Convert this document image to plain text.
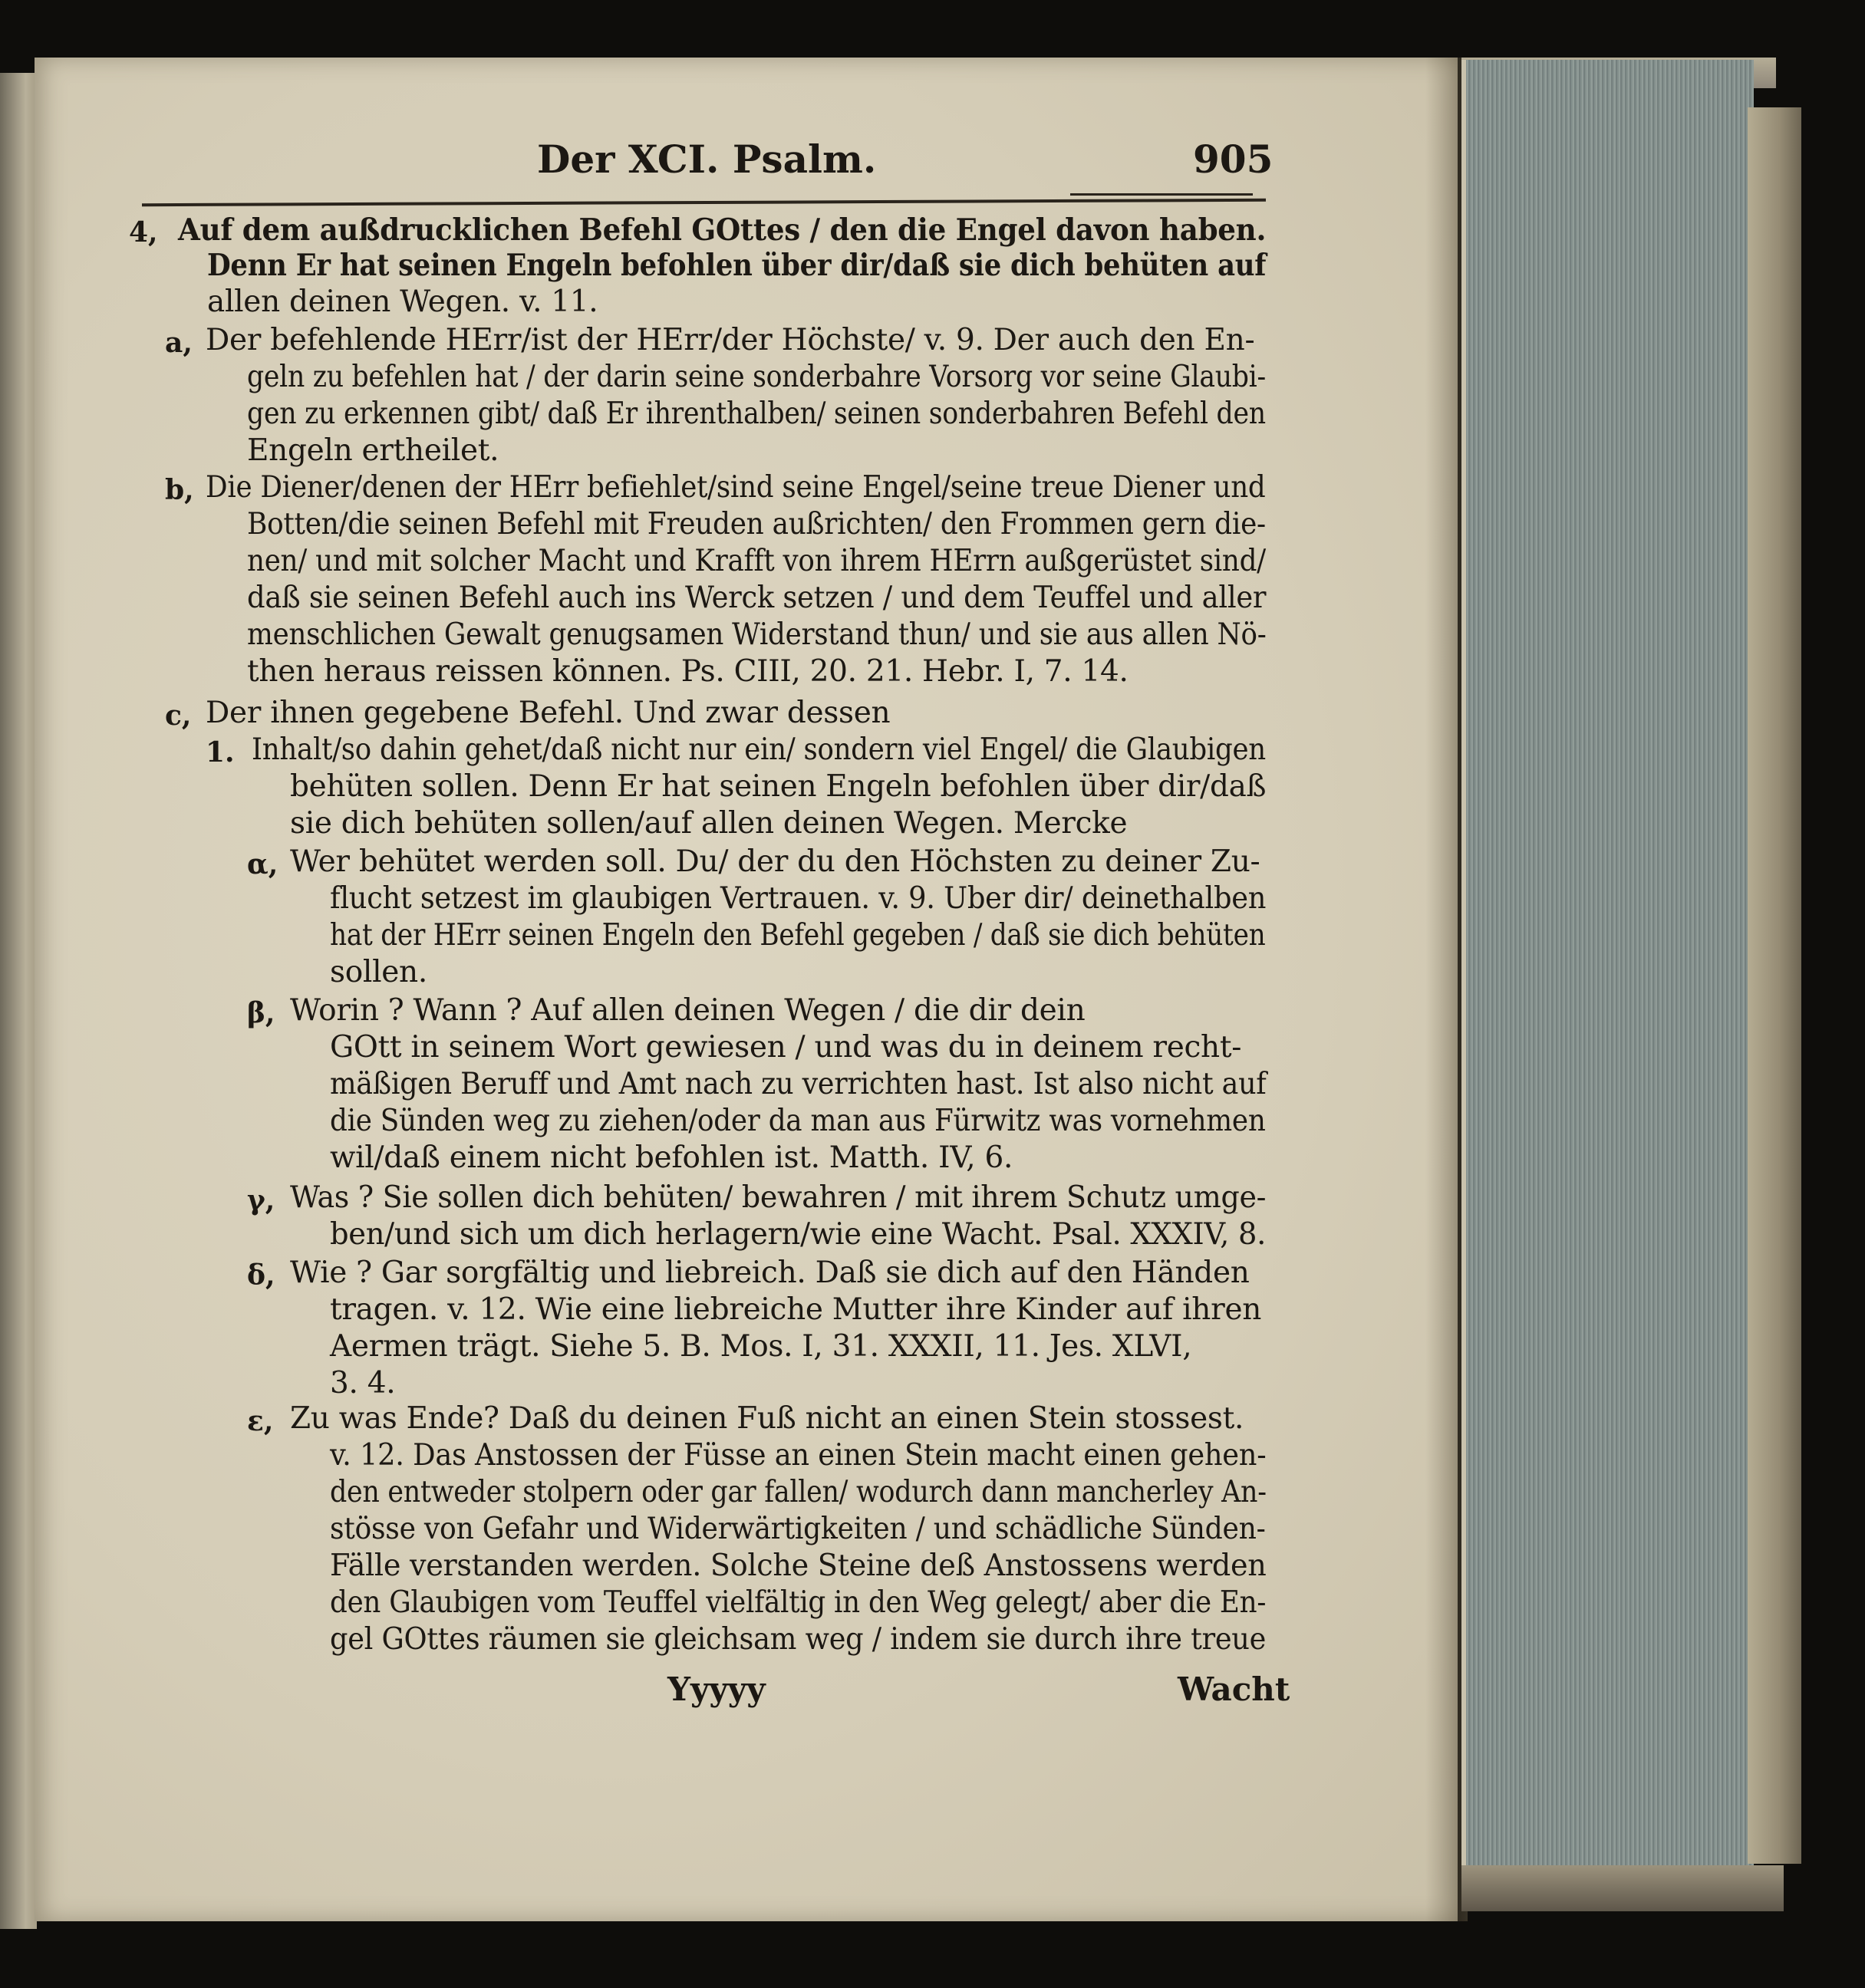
Der XCI. Psalm.	905
4, Auf dem außdrucklichen Befehl GOttes / den die Engel davon haben.
Denn Er hat seinen Engeln befohlen über dir/daß sie dich behüten auf
allen deinen Wegen. v. 11.
a, Der befehlende HErr/ist der HErr/der Höchste/ v. 9. Der auch den En-
geln zu befehlen hat / der darin seine sonderbahre Vorsorg vor seine Glaubi-
gen zu erkennen gibt/ daß Er ihrenthalben/ seinen sonderbahren Befehl den
Engeln ertheilet.
b, Die Diener/denen der HErr befiehlet/sind seine Engel/seine treue Diener und
Botten/die seinen Befehl mit Freuden außrichten/ den Frommen gern die-
nen/ und mit solcher Macht und Krafft von ihrem HErrn außgerüstet sind/
daß sie seinen Befehl auch ins Werck setzen / und dem Teuffel und aller
menschlichen Gewalt genugsamen Widerstand thun/ und sie aus allen Nö-
then heraus reissen können. Ps. CIII, 20. 21. Hebr. I, 7. 14.
c, Der ihnen gegebene Befehl. Und zwar dessen
1. Inhalt/so dahin gehet/daß nicht nur ein/ sondern viel Engel/ die Glaubigen
behüten sollen. Denn Er hat seinen Engeln befohlen über dir/daß
sie dich behüten sollen/auf allen deinen Wegen. Mercke
α, Wer behütet werden soll. Du/ der du den Höchsten zu deiner Zu-
flucht setzest im glaubigen Vertrauen. v. 9. Uber dir/ deinethalben
hat der HErr seinen Engeln den Befehl gegeben / daß sie dich behüten
sollen.
β, Worin ? Wann ? Auf allen deinen Wegen / die dir dein
GOtt in seinem Wort gewiesen / und was du in deinem recht-
mäßigen Beruff und Amt nach zu verrichten hast. Ist also nicht auf
die Sünden weg zu ziehen/oder da man aus Fürwitz was vornehmen
wil/daß einem nicht befohlen ist. Matth. IV, 6.
γ, Was ? Sie sollen dich behüten/ bewahren / mit ihrem Schutz umge-
ben/und sich um dich herlagern/wie eine Wacht. Psal. XXXIV, 8.
δ, Wie ? Gar sorgfältig und liebreich. Daß sie dich auf den Händen
tragen. v. 12. Wie eine liebreiche Mutter ihre Kinder auf ihren
Aermen trägt. Siehe 5. B. Mos. I, 31. XXXII, 11. Jes. XLVI,
3. 4.
ε, Zu was Ende? Daß du deinen Fuß nicht an einen Stein stossest.
v. 12. Das Anstossen der Füsse an einen Stein macht einen gehen-
den entweder stolpern oder gar fallen/ wodurch dann mancherley An-
stösse von Gefahr und Widerwärtigkeiten / und schädliche Sünden-
Fälle verstanden werden. Solche Steine deß Anstossens werden
den Glaubigen vom Teuffel vielfältig in den Weg gelegt/ aber die En-
gel GOttes räumen sie gleichsam weg / indem sie durch ihre treue
Yyyyy	Wacht
